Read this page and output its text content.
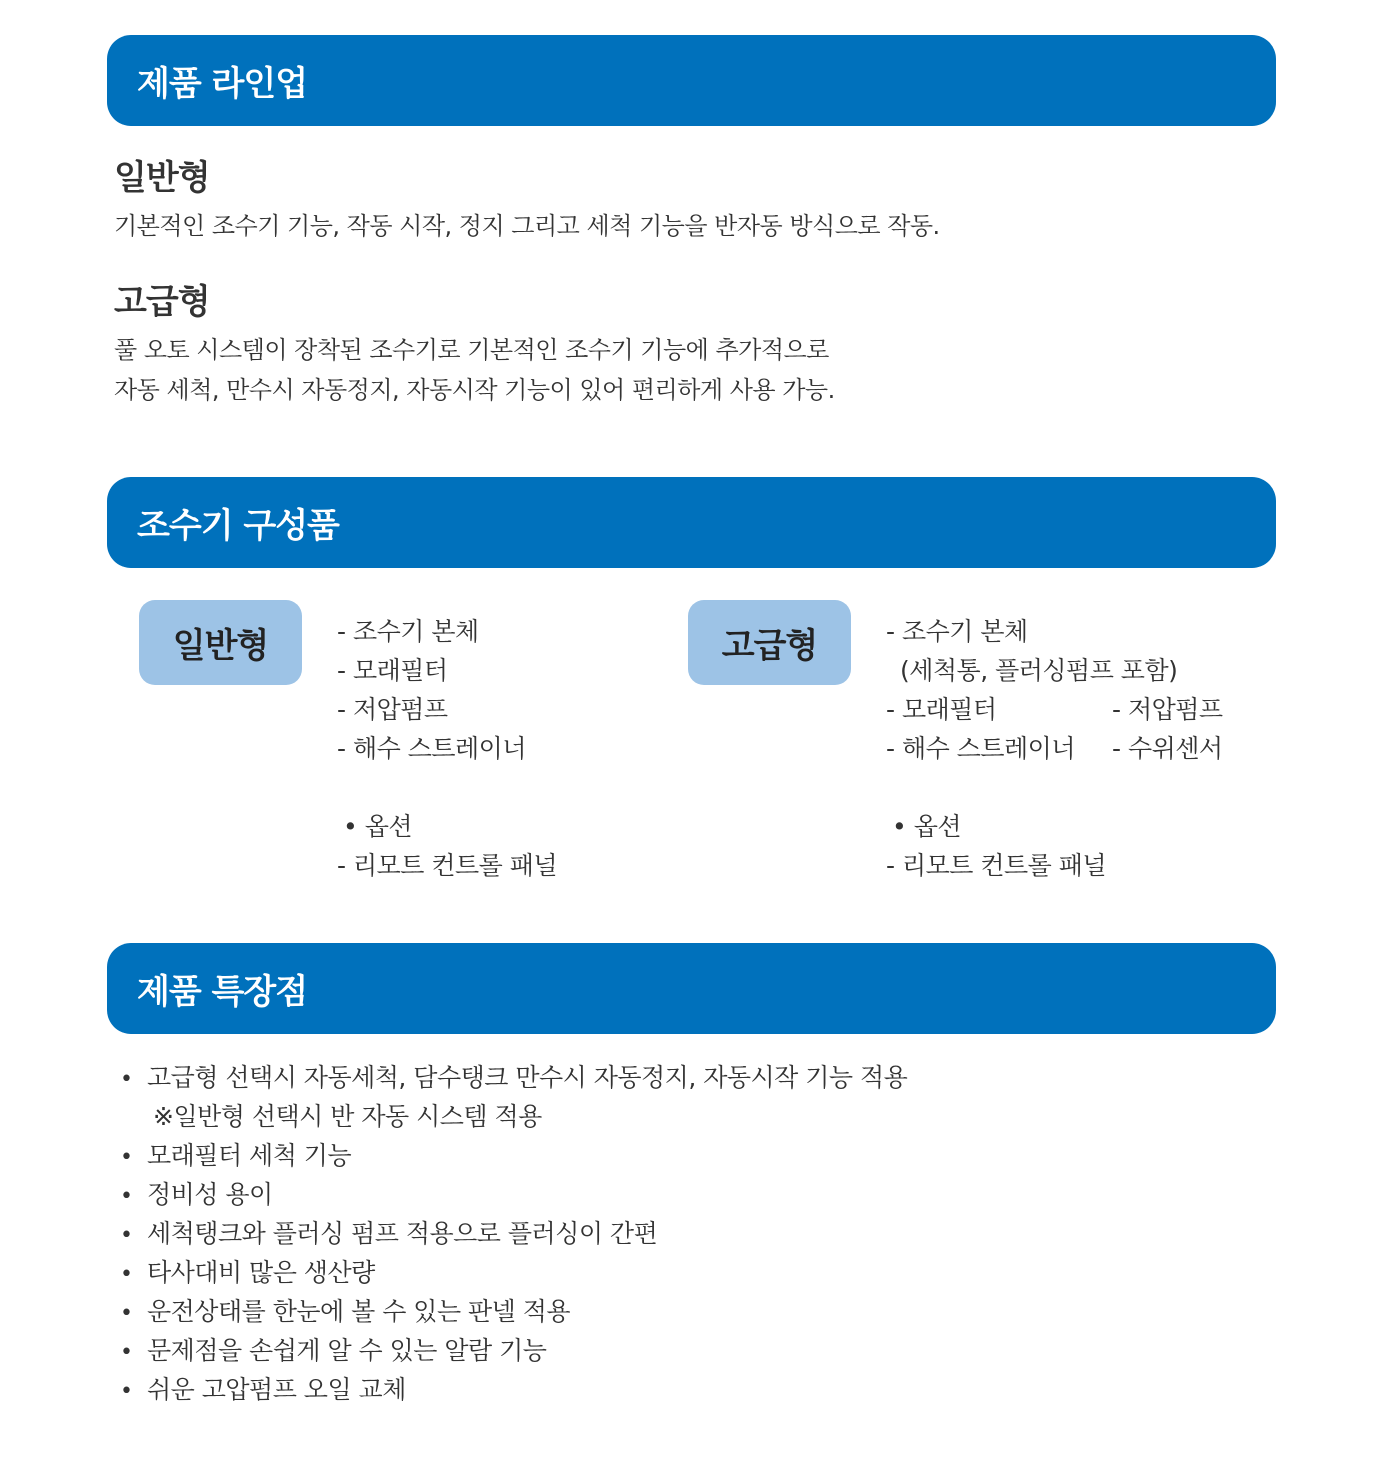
제품 라인업
일반형
기본적인 조수기 기능, 작동 시작, 정지 그리고 세척 기능을 반자동 방식으로 작동.
고급형
풀 오토 시스템이 장착된 조수기로 기본적인 조수기 기능에 추가적으로
자동 세척, 만수시 자동정지, 자동시작 기능이 있어 편리하게 사용 가능.
조수기 구성품
일반형	- 조수기 본체
- 모래필터
- 저압펌프
- 해수 스트레이너
• 옵션
- 리모트 컨트롤 패널
고급형	- 조수기 본체
(세척통, 플러싱펌프 포함)
- 모래필터	- 저압펌프
- 해수 스트레이너 - 수위센서
• 옵션
- 리모트 컨트롤 패널
제품 특장점
• 고급형 선택시 자동세척, 담수탱크 만수시 자동정지, 자동시작 기능 적용
※일반형 선택시 반 자동 시스템 적용
• 모래필터 세척 기능
• 정비성 용이
• 세척탱크와 플러싱 펌프 적용으로 플러싱이 간편
• 타사대비 많은 생산량
• 운전상태를 한눈에 볼 수 있는 판넬 적용
• 문제점을 손쉽게 알 수 있는 알람 기능
• 쉬운 고압펌프 오일 교체
